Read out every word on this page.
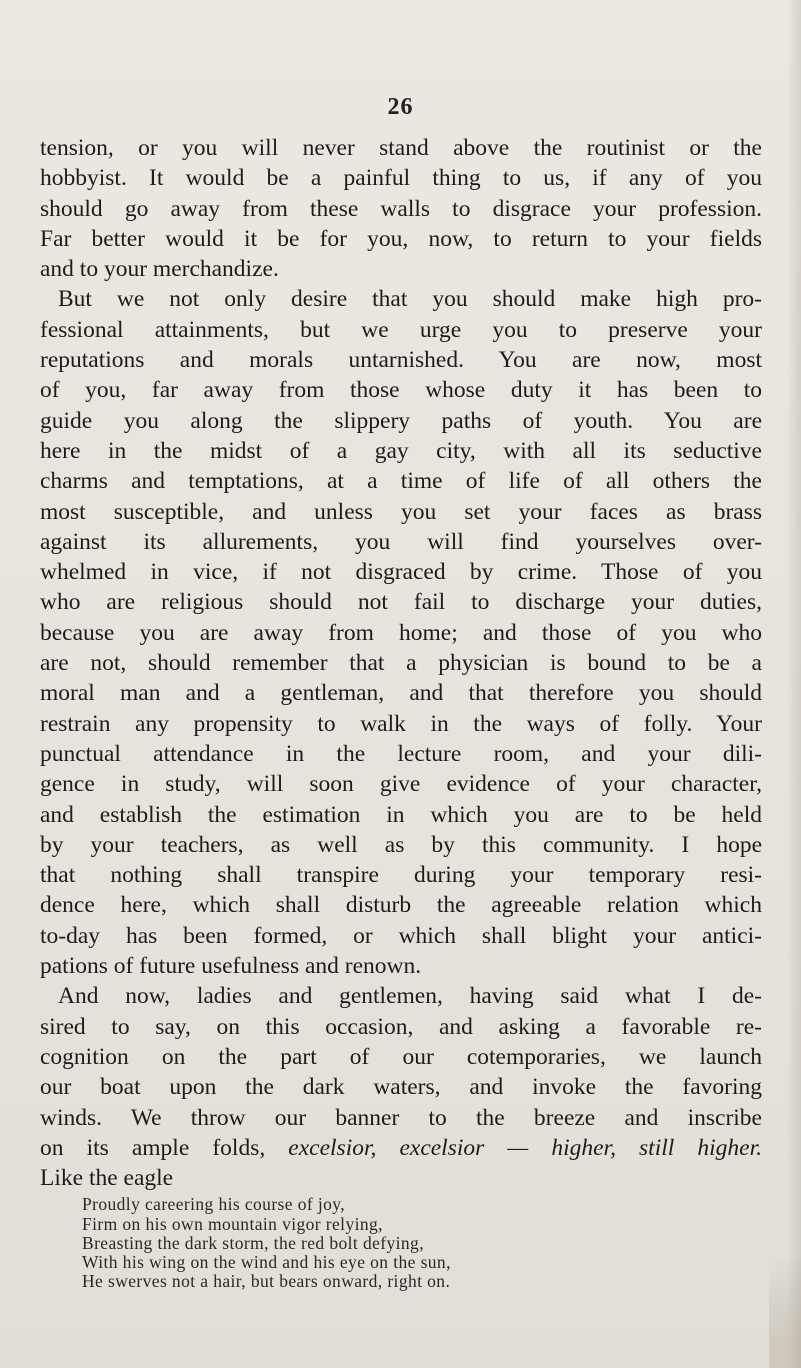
26

tension, or you will never stand above the routinist or the

hobbyist. It would be a painful thing to us, if any of you

should go away from these walls to disgrace your profession.

Far better would it be for you, now, to return to your fields

and to your merchandize.

But we not only desire that you should make high pro-

fessional attainments, but we urge you to preserve your

reputations and morals untarnished. You are now, most

of you, far away from those whose duty it has been to

guide you along the slippery paths of youth. You are

here in the midst of a gay city, with all its seductive

charms and temptations, at a time of life of all others the

most susceptible, and unless you set your faces as brass

against its allurements, you will find yourselves over-

whelmed in vice, if not disgraced by crime. Those of you

who are religious should not fail to discharge your duties,

because you are away from home; and those of you who

are not, should remember that a physician is bound to be a

moral man and a gentleman, and that therefore you should

restrain any propensity to walk in the ways of folly. Your

punctual attendance in the lecture room, and your dili-

gence in study, will soon give evidence of your character,

and establish the estimation in which you are to be held

by your teachers, as well as by this community. I hope

that nothing shall transpire during your temporary resi-

dence here, which shall disturb the agreeable relation which

to-day has been formed, or which shall blight your antici-

pations of future usefulness and renown.

And now, ladies and gentlemen, having said what I de-

sired to say, on this occasion, and asking a favorable re-

cognition on the part of our cotemporaries, we launch

our boat upon the dark waters, and invoke the favoring

winds. We throw our banner to the breeze and inscribe

on its ample folds, excelsior, excelsior — higher, still higher.

Like the eagle

Proudly careering his course of joy,
Firm on his own mountain vigor relying,
Breasting the dark storm, the red bolt defying,
With his wing on the wind and his eye on the sun,
He swerves not a hair, but bears onward, right on.
